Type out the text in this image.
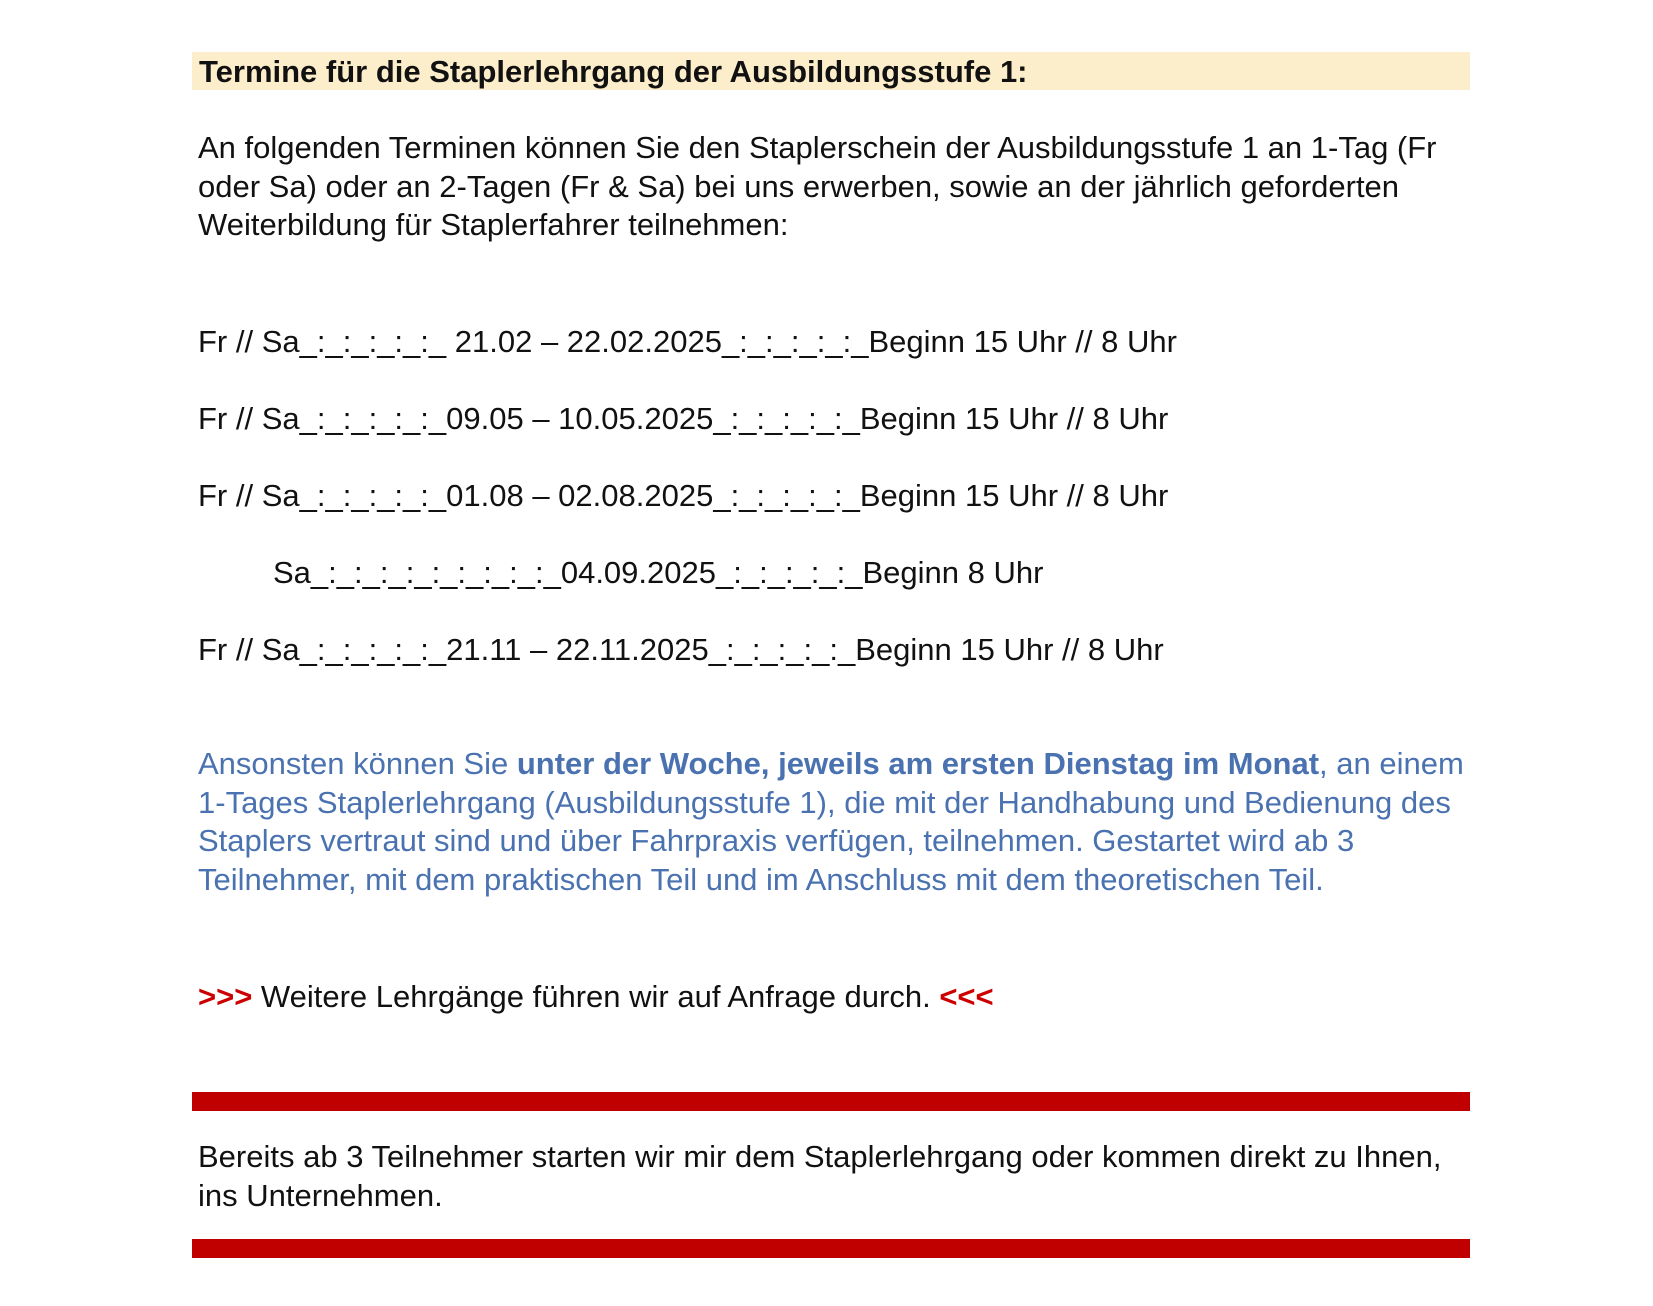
Termine für die Staplerlehrgang der Ausbildungsstufe 1:

An folgenden Terminen können Sie den Staplerschein der Ausbildungsstufe 1 an 1-Tag (Fr oder Sa) oder an 2-Tagen (Fr & Sa) bei uns erwerben, sowie an der jährlich geforderten Weiterbildung für Staplerfahrer teilnehmen:

Fr // Sa_:_:_:_:_:_ 21.02 – 22.02.2025_:_:_:_:_:_Beginn 15 Uhr // 8 Uhr

Fr // Sa_:_:_:_:_:_09.05 – 10.05.2025_:_:_:_:_:_Beginn 15 Uhr // 8 Uhr

Fr // Sa_:_:_:_:_:_01.08 – 02.08.2025_:_:_:_:_:_Beginn 15 Uhr // 8 Uhr

Sa_:_:_:_:_:_:_:_:_:_04.09.2025_:_:_:_:_:_Beginn 8 Uhr

Fr // Sa_:_:_:_:_:_21.11 – 22.11.2025_:_:_:_:_:_Beginn 15 Uhr // 8 Uhr

Ansonsten können Sie unter der Woche, jeweils am ersten Dienstag im Monat, an einem 1-Tages Staplerlehrgang (Ausbildungsstufe 1), die mit der Handhabung und Bedienung des Staplers vertraut sind und über Fahrpraxis verfügen, teilnehmen. Gestartet wird ab 3 Teilnehmer, mit dem praktischen Teil und im Anschluss mit dem theoretischen Teil.

>>> Weitere Lehrgänge führen wir auf Anfrage durch. <<<

Bereits ab 3 Teilnehmer starten wir mir dem Staplerlehrgang oder kommen direkt zu Ihnen, ins Unternehmen.
